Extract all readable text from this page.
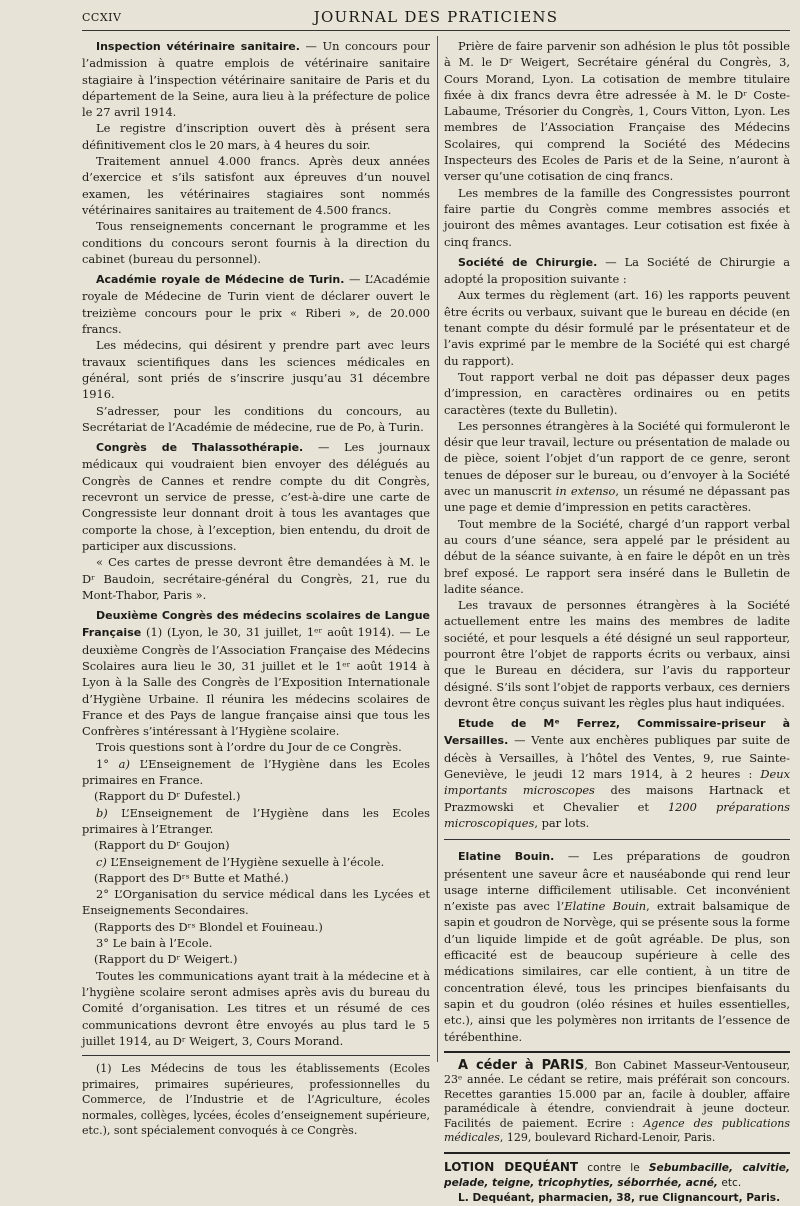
CCXIV	JOURNAL DES PRATICIENS

Inspection vétérinaire sanitaire. — Un concours pour l’admission à quatre emplois de vétérinaire sanitaire stagiaire à l’inspection vétérinaire sanitaire de Paris et du département de la Seine, aura lieu à la préfecture de police le 27 avril 1914.

Le registre d’inscription ouvert dès à présent sera définitivement clos le 20 mars, à 4 heures du soir.

Traitement annuel 4.000 francs. Après deux années d’exercice et s’ils satisfont aux épreuves d’un nouvel examen, les vétérinaires stagiaires sont nommés vétérinaires sanitaires au traitement de 4.500 francs.

Tous renseignements concernant le programme et les conditions du concours seront fournis à la direction du cabinet (bureau du personnel).

Académie royale de Médecine de Turin. — L’Académie royale de Médecine de Turin vient de déclarer ouvert le treizième concours pour le prix « Riberi », de 20.000 francs.

Les médecins, qui désirent y prendre part avec leurs travaux scientifiques dans les sciences médicales en général, sont priés de s’inscrire jusqu’au 31 décembre 1916.

S’adresser, pour les conditions du concours, au Secrétariat de l’Académie de médecine, rue de Po, à Turin.

Congrès de Thalassothérapie. — Les journaux médicaux qui voudraient bien envoyer des délégués au Congrès de Cannes et rendre compte du dit Congrès, recevront un service de presse, c’est-à-dire une carte de Congressiste leur donnant droit à tous les avantages que comporte la chose, à l’exception, bien entendu, du droit de participer aux discussions.

« Ces cartes de presse devront être demandées à M. le Dʳ Baudoin, secrétaire-général du Congrès, 21, rue du Mont-Thabor, Paris ».

Deuxième Congrès des médecins scolaires de Langue Française (1) (Lyon, le 30, 31 juillet, 1ᵉʳ août 1914). — Le deuxième Congrès de l’Association Française des Médecins Scolaires aura lieu le 30, 31 juillet et le 1ᵉʳ août 1914 à Lyon à la Salle des Congrès de l’Exposition Internationale d’Hygiène Urbaine. Il réunira les médecins scolaires de France et des Pays de langue française ainsi que tous les Confrères s’intéressant à l’Hygiène scolaire.

Trois questions sont à l’ordre du Jour de ce Congrès.

1° a) L’Enseignement de l’Hygiène dans les Ecoles primaires en France.

(Rapport du Dʳ Dufestel.)

b) L’Enseignement de l’Hygiène dans les Ecoles primaires à l’Etranger.

(Rapport du Dʳ Goujon)

c) L’Enseignement de l’Hygiène sexuelle à l’école.

(Rapport des Dʳˢ Butte et Mathé.)

2° L’Organisation du service médical dans les Lycées et Enseignements Secondaires.

(Rapports des Dʳˢ Blondel et Fouineau.)

3° Le bain à l’Ecole.

(Rapport du Dʳ Weigert.)

Toutes les communications ayant trait à la médecine et à l’hygiène scolaire seront admises après avis du bureau du Comité d’organisation. Les titres et un résumé de ces communications devront être envoyés au plus tard le 5 juillet 1914, au Dʳ Weigert, 3, Cours Morand.

(1) Les Médecins de tous les établissements (Ecoles primaires, primaires supérieures, professionnelles du Commerce, de l’Industrie et de l’Agriculture, écoles normales, collèges, lycées, écoles d’enseignement supérieure, etc.), sont spécialement convoqués à ce Congrès.

Prière de faire parvenir son adhésion le plus tôt possible à M. le Dʳ Weigert, Secrétaire général du Congrès, 3, Cours Morand, Lyon. La cotisation de membre titulaire fixée à dix francs devra être adressée à M. le Dʳ Coste-Labaume, Trésorier du Congrès, 1, Cours Vitton, Lyon. Les membres de l’Association Française des Médecins Scolaires, qui comprend la Société des Médecins Inspecteurs des Ecoles de Paris et de la Seine, n’auront à verser qu’une cotisation de cinq francs.

Les membres de la famille des Congressistes pourront faire partie du Congrès comme membres associés et jouiront des mêmes avantages. Leur cotisation est fixée à cinq francs.

Société de Chirurgie. — La Société de Chirurgie a adopté la proposition suivante :

Aux termes du règlement (art. 16) les rapports peuvent être écrits ou verbaux, suivant que le bureau en décide (en tenant compte du désir formulé par le présentateur et de l’avis exprimé par le membre de la Société qui est chargé du rapport).

Tout rapport verbal ne doit pas dépasser deux pages d’impression, en caractères ordinaires ou en petits caractères (texte du Bulletin).

Les personnes étrangères à la Société qui formuleront le désir que leur travail, lecture ou présentation de malade ou de pièce, soient l’objet d’un rapport de ce genre, seront tenues de déposer sur le bureau, ou d’envoyer à la Société avec un manuscrit in extenso, un résumé ne dépassant pas une page et demie d’impression en petits caractères.

Tout membre de la Société, chargé d’un rapport verbal au cours d’une séance, sera appelé par le président au début de la séance suivante, à en faire le dépôt en un très bref exposé. Le rapport sera inséré dans le Bulletin de ladite séance.

Les travaux de personnes étrangères à la Société actuellement entre les mains des membres de ladite société, et pour lesquels a été désigné un seul rapporteur, pourront être l’objet de rapports écrits ou verbaux, ainsi que le Bureau en décidera, sur l’avis du rapporteur désigné. S’ils sont l’objet de rapports verbaux, ces derniers devront être conçus suivant les règles plus haut indiquées.

Etude de Mᵉ Ferrez, Commissaire-priseur à Versailles. — Vente aux enchères publiques par suite de décès à Versailles, à l’hôtel des Ventes, 9, rue Sainte-Geneviève, le jeudi 12 mars 1914, à 2 heures : Deux importants microscopes des maisons Hartnack et Prazmowski et Chevalier et 1200 préparations microscopiques, par lots.

Elatine Bouin. — Les préparations de goudron présentent une saveur âcre et nauséabonde qui rend leur usage interne difficilement utilisable. Cet inconvénient n’existe pas avec l’Elatine Bouin, extrait balsamique de sapin et goudron de Norvège, qui se présente sous la forme d’un liquide limpide et de goût agréable. De plus, son efficacité est de beaucoup supérieure à celle des médications similaires, car elle contient, à un titre de concentration élevé, tous les principes bienfaisants du sapin et du goudron (oléo résines et huiles essentielles, etc.), ainsi que les polymères non irritants de l’essence de térébenthine.

A céder à PARIS, Bon Cabinet Masseur-Ventouseur, 23ᵉ année. Le cédant se retire, mais préférait son concours. Recettes garanties 15.000 par an, facile à doubler, affaire paramédicale à étendre, conviendrait à jeune docteur. Facilités de paiement. Ecrire : Agence des publications médicales, 129, boulevard Richard-Lenoir, Paris.

LOTION DEQUÉANT contre le Sebumbacille, calvitie, pelade, teigne, tricophyties, séborrhée, acné, etc.
L. Dequéant, pharmacien, 38, rue Clignancourt, Paris.
